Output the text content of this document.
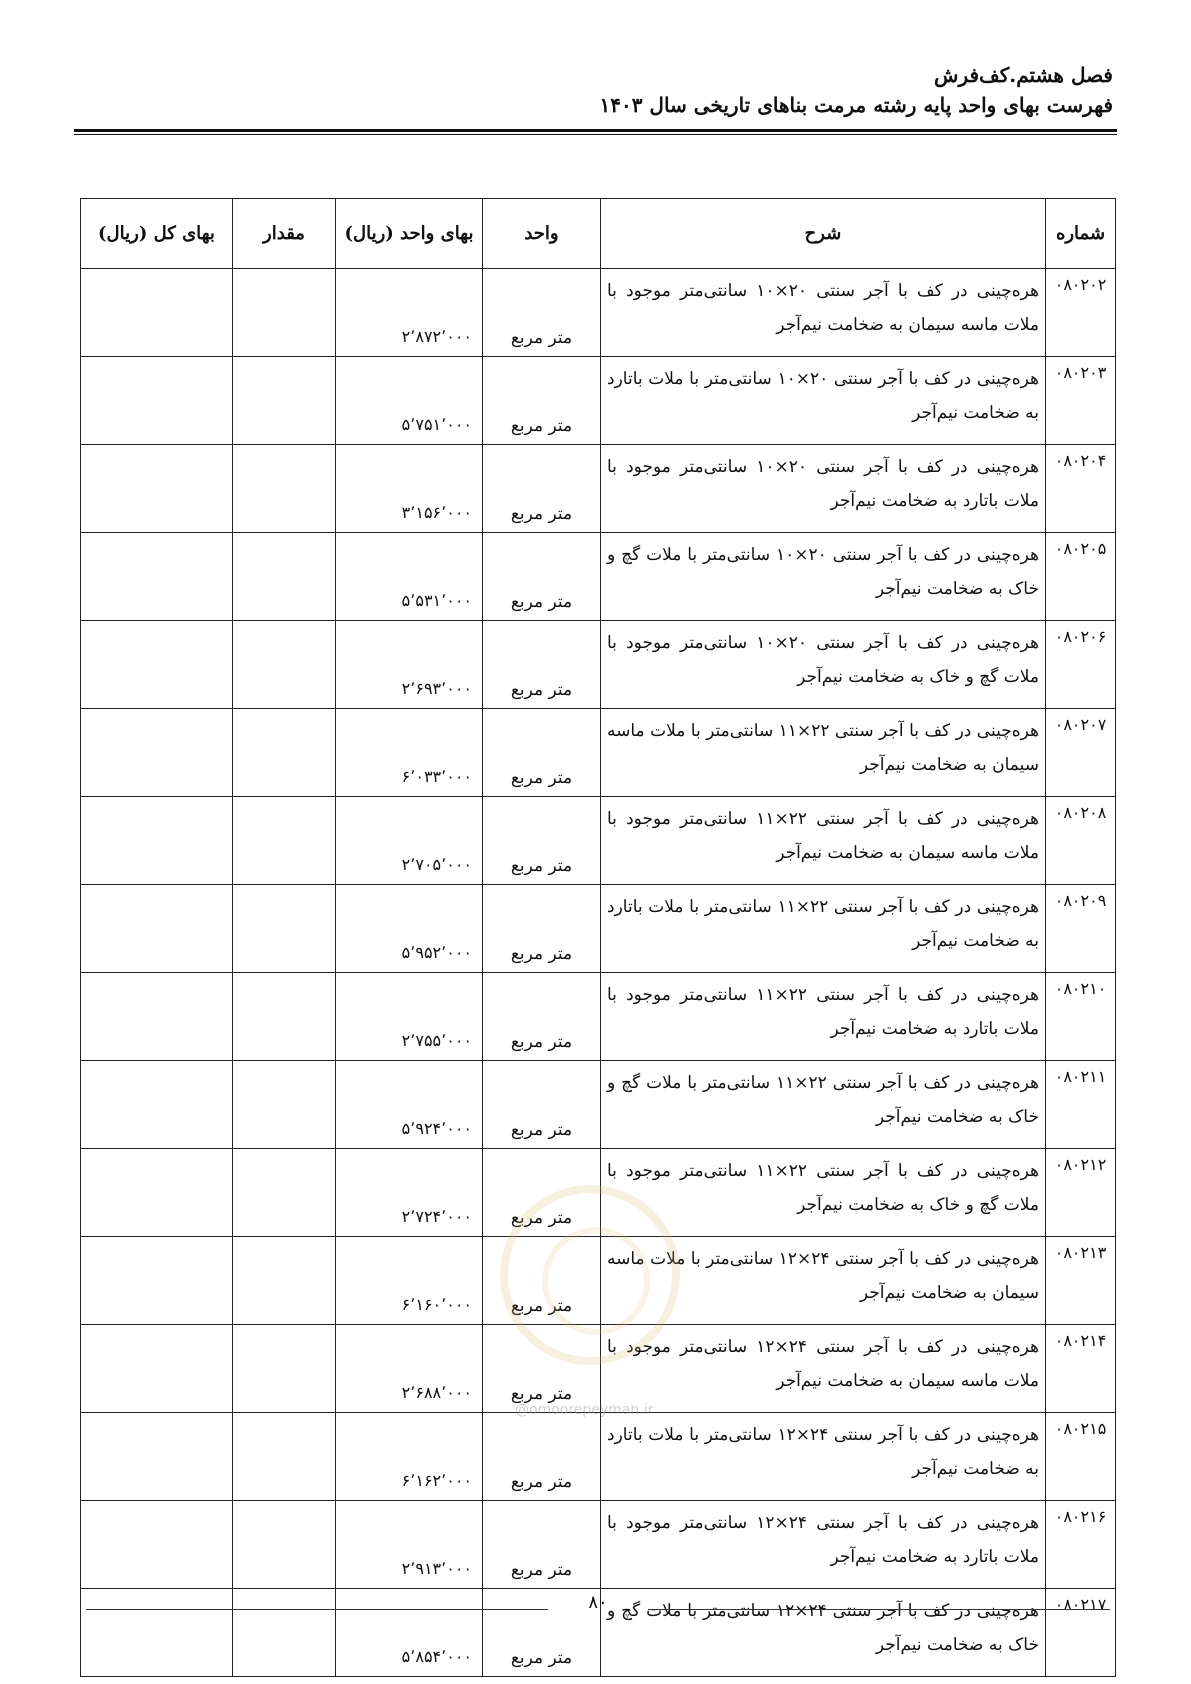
فصل هشتم.کف‌فرش
فهرست بهای واحد پایه رشته مرمت بناهای تاریخی سال ۱۴۰۳
شماره	شرح	واحد	بهای واحد (ریال)	مقدار	بهای کل (ریال)
۰۸۰۲۰۲	هره‌چینی در کف با آجر سنتی ۲۰×۱۰ سانتی‌متر موجود با ملات ماسه سیمان به ضخامت نیم‌آجر	متر مربع	۲٬۸۷۲٬۰۰۰		
۰۸۰۲۰۳	هره‌چینی در کف با آجر سنتی ۲۰×۱۰ سانتی‌متر با ملات باتارد به ضخامت نیم‌آجر	متر مربع	۵٬۷۵۱٬۰۰۰		
۰۸۰۲۰۴	هره‌چینی در کف با آجر سنتی ۲۰×۱۰ سانتی‌متر موجود با ملات باتارد به ضخامت نیم‌آجر	متر مربع	۳٬۱۵۶٬۰۰۰		
۰۸۰۲۰۵	هره‌چینی در کف با آجر سنتی ۲۰×۱۰ سانتی‌متر با ملات گچ و خاک به ضخامت نیم‌آجر	متر مربع	۵٬۵۳۱٬۰۰۰		
۰۸۰۲۰۶	هره‌چینی در کف با آجر سنتی ۲۰×۱۰ سانتی‌متر موجود با ملات گچ و خاک به ضخامت نیم‌آجر	متر مربع	۲٬۶۹۳٬۰۰۰		
۰۸۰۲۰۷	هره‌چینی در کف با آجر سنتی ۲۲×۱۱ سانتی‌متر با ملات ماسه سیمان به ضخامت نیم‌آجر	متر مربع	۶٬۰۳۳٬۰۰۰		
۰۸۰۲۰۸	هره‌چینی در کف با آجر سنتی ۲۲×۱۱ سانتی‌متر موجود با ملات ماسه سیمان به ضخامت نیم‌آجر	متر مربع	۲٬۷۰۵٬۰۰۰		
۰۸۰۲۰۹	هره‌چینی در کف با آجر سنتی ۲۲×۱۱ سانتی‌متر با ملات باتارد به ضخامت نیم‌آجر	متر مربع	۵٬۹۵۲٬۰۰۰		
۰۸۰۲۱۰	هره‌چینی در کف با آجر سنتی ۲۲×۱۱ سانتی‌متر موجود با ملات باتارد به ضخامت نیم‌آجر	متر مربع	۲٬۷۵۵٬۰۰۰		
۰۸۰۲۱۱	هره‌چینی در کف با آجر سنتی ۲۲×۱۱ سانتی‌متر با ملات گچ و خاک به ضخامت نیم‌آجر	متر مربع	۵٬۹۲۴٬۰۰۰		
۰۸۰۲۱۲	هره‌چینی در کف با آجر سنتی ۲۲×۱۱ سانتی‌متر موجود با ملات گچ و خاک به ضخامت نیم‌آجر	متر مربع	۲٬۷۲۴٬۰۰۰		
۰۸۰۲۱۳	هره‌چینی در کف با آجر سنتی ۲۴×۱۲ سانتی‌متر با ملات ماسه سیمان به ضخامت نیم‌آجر	متر مربع	۶٬۱۶۰٬۰۰۰		
۰۸۰۲۱۴	هره‌چینی در کف با آجر سنتی ۲۴×۱۲ سانتی‌متر موجود با ملات ماسه سیمان به ضخامت نیم‌آجر	متر مربع	۲٬۶۸۸٬۰۰۰		
۰۸۰۲۱۵	هره‌چینی در کف با آجر سنتی ۲۴×۱۲ سانتی‌متر با ملات باتارد به ضخامت نیم‌آجر	متر مربع	۶٬۱۶۲٬۰۰۰		
۰۸۰۲۱۶	هره‌چینی در کف با آجر سنتی ۲۴×۱۲ سانتی‌متر موجود با ملات باتارد به ضخامت نیم‌آجر	متر مربع	۲٬۹۱۳٬۰۰۰		
۰۸۰۲۱۷	هره‌چینی در کف با آجر سنتی ۲۴×۱۲ سانتی‌متر با ملات گچ و خاک به ضخامت نیم‌آجر	متر مربع	۵٬۸۵۴٬۰۰۰		
@omoorepeyman.ir
۸۰
